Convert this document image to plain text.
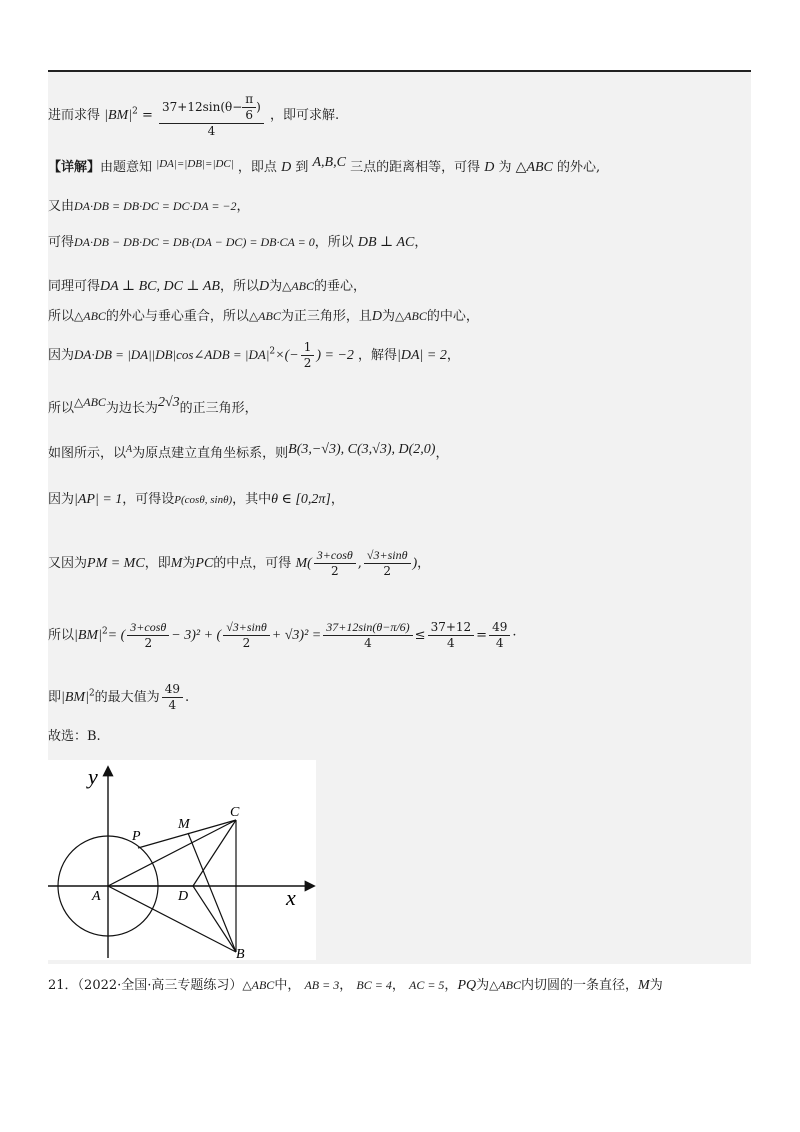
进而求得 $|BM|^2 = \frac{37+12\sin(\theta- \frac{\pi}{6} )}{4}$ ，即可求解.
【详解】由题意知 $^{|DA|=|DB|=|DC|}$ ，即点 D 到 A,B,C 三点的距离相等，可得 D 为 △ABC 的外心,
又由DA·DB = DB·DC = DC·DA = −2，
可得DA·DB − DB·DC = DB·(DA − DC) = DB·CA = 0，所以 DB ⊥ AC，
同理可得DA ⊥ BC, DC ⊥ AB，所以D为△ABC的垂心，
所以△ABC的外心与垂心重合，所以△ABC为正三角形，且D为△ABC的中心，
因为DA·DB = |DA||DB|cos∠ADB = $|DA|^2\times(- \frac{1}{2}$ ) = −2 ，解得|DA| = 2，
所以△ABC为边长为2√3的正三角形，
如图所示，以$^A$为原点建立直角坐标系，则B(3,−√3), C(3,√3), D(2,0)，
因为|AP| = 1，可得设P(cosθ, sinθ)，其中θ ∈ [0,2π]，
又因为PM = MC，即M为PC的中点，可得 $M( \frac{3+\cos\theta}{2}$ , $\frac{√3+\sin\theta}{2}$ )，
所以$|BM|^2=$ ( $\frac{3+\cos\theta}{2} - 3)^2$ + ( $\frac{√3+\sin\theta}{2} + √3)^2 = \frac{37+12\sin(\theta-\pi/6)}{4} \le \frac{37+12}{4} = \frac{49}{4}$ ·
即$|BM|^2$的最大值为 $\frac{49}{4}$ .
故选：B.
y
x
P
M
C
A	D
B
21．（2022·全国·高三专题练习）△ABC中， AB = 3， BC = 4， AC = 5，PQ为△ABC内切圆的一条直径，M为
